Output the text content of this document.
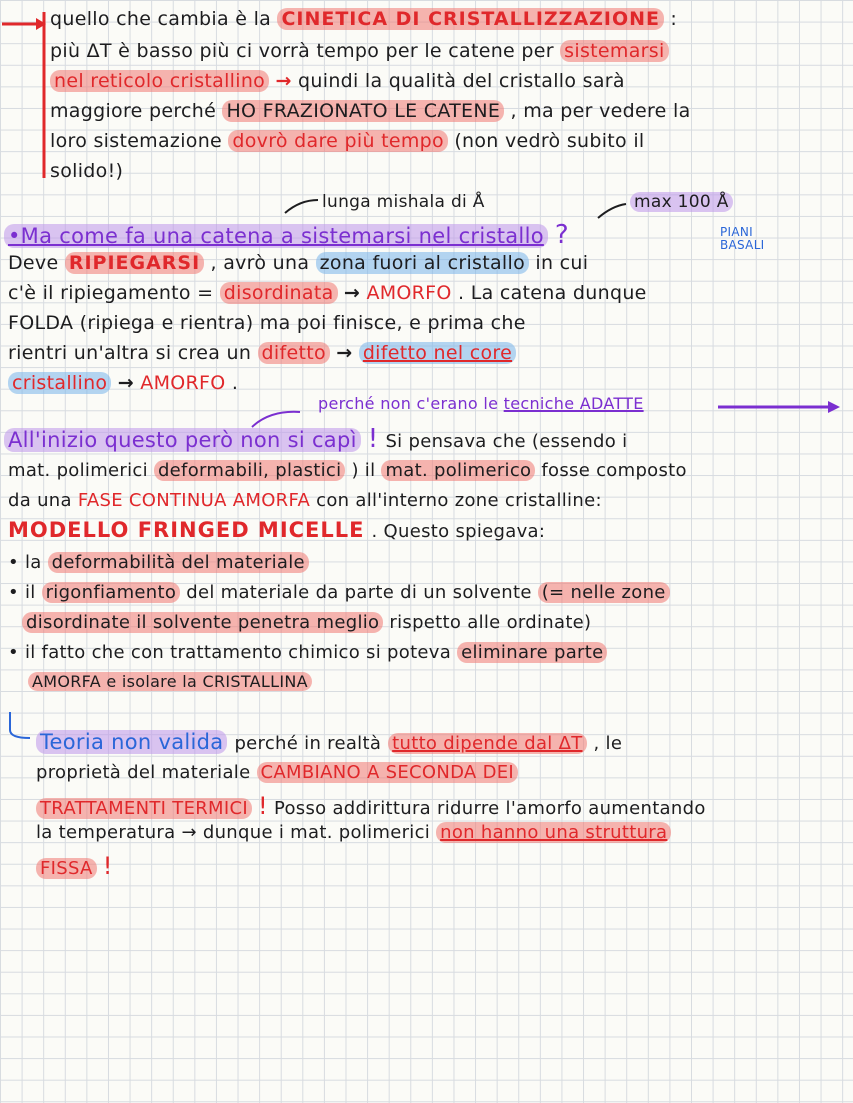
quello che cambia è la CINETICA DI CRISTALLIZZAZIONE :
più ΔT è basso più ci vorrà tempo per le catene per sistemarsi
nel reticolo cristallino → quindi la qualità del cristallo sarà
maggiore perché HO FRAZIONATO LE CATENE , ma per vedere la
loro sistemazione dovrò dare più tempo (non vedrò subito il
solido!)
lunga mishala di Å	max 100 Å
•Ma come fa una catena a sistemarsi nel cristallo ?	PIANI
BASALI
Deve RIPIEGARSI , avrò una zona fuori al cristallo in cui
c'è il ripiegamento = disordinata → AMORFO . La catena dunque
FOLDA (ripiega e rientra) ma poi finisce, e prima che
rientri un'altra si crea un difetto → difetto nel core
cristallino → AMORFO .
perché non c'erano le tecniche ADATTE
All'inizio questo però non si capì ! Si pensava che (essendo i
mat. polimerici deformabili, plastici ) il mat. polimerico fosse composto
da una FASE CONTINUA AMORFA con all'interno zone cristalline:
MODELLO FRINGED MICELLE . Questo spiegava:
• la deformabilità del materiale
• il rigonfiamento del materiale da parte di un solvente (= nelle zone
disordinate il solvente penetra meglio rispetto alle ordinate)
• il fatto che con trattamento chimico si poteva eliminare parte
AMORFA e isolare la CRISTALLINA
Teoria non valida perché in realtà tutto dipende dal ΔT , le
proprietà del materiale CAMBIANO A SECONDA DEI
TRATTAMENTI TERMICI ! Posso addirittura ridurre l'amorfo aumentando
la temperatura → dunque i mat. polimerici non hanno una struttura
FISSA !
